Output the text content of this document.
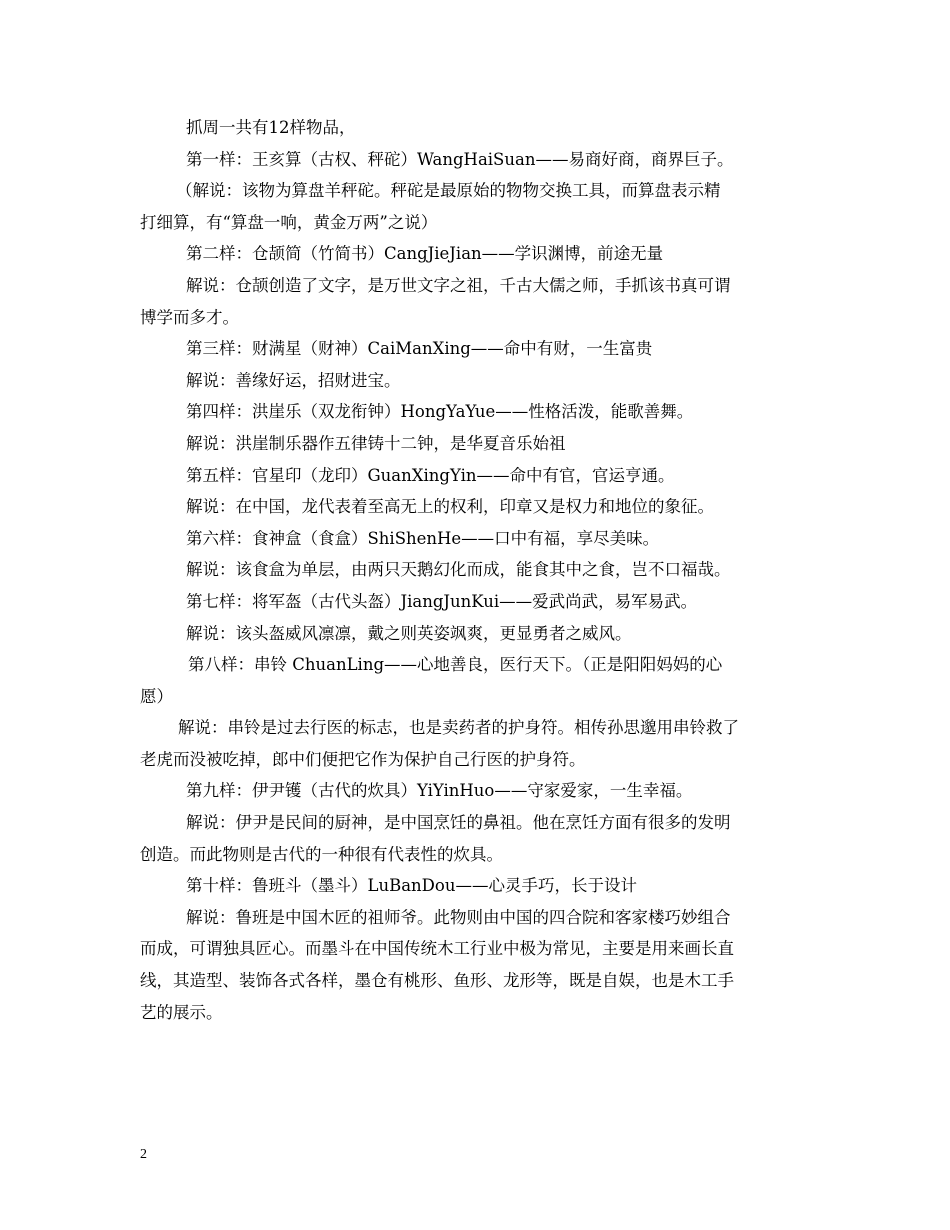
抓周一共有12样物品，

第一样：王亥算（古权、秤砣）WangHaiSuan——易商好商，商界巨子。

（解说：该物为算盘羊秤砣。秤砣是最原始的物物交换工具，而算盘表示精

打细算，有“算盘一响，黄金万两”之说）

第二样：仓颉简（竹简书）CangJieJian——学识渊博，前途无量

解说：仓颉创造了文字，是万世文字之祖，千古大儒之师，手抓该书真可谓

博学而多才。

第三样：财满星（财神）CaiManXing——命中有财，一生富贵

解说：善缘好运，招财进宝。

第四样：洪崖乐（双龙衔钟）HongYaYue——性格活泼，能歌善舞。

解说：洪崖制乐器作五律铸十二钟，是华夏音乐始祖

第五样：官星印（龙印）GuanXingYin——命中有官，官运亨通。

解说：在中国，龙代表着至高无上的权利，印章又是权力和地位的象征。

第六样：食神盒（食盒）ShiShenHe——口中有福，享尽美味。

解说：该食盒为单层，由两只天鹅幻化而成，能食其中之食，岂不口福哉。

第七样：将军盔（古代头盔）JiangJunKui——爱武尚武，易军易武。

解说：该头盔威风凛凛，戴之则英姿飒爽，更显勇者之威风。

第八样：串铃 ChuanLing——心地善良，医行天下。（正是阳阳妈妈的心

愿）

解说：串铃是过去行医的标志，也是卖药者的护身符。相传孙思邈用串铃救了

老虎而没被吃掉，郎中们便把它作为保护自己行医的护身符。

第九样：伊尹镬（古代的炊具）YiYinHuo——守家爱家，一生幸福。

解说：伊尹是民间的厨神，是中国烹饪的鼻祖。他在烹饪方面有很多的发明

创造。而此物则是古代的一种很有代表性的炊具。

第十样：鲁班斗（墨斗）LuBanDou——心灵手巧，长于设计

解说：鲁班是中国木匠的祖师爷。此物则由中国的四合院和客家楼巧妙组合

而成，可谓独具匠心。而墨斗在中国传统木工行业中极为常见，主要是用来画长直

线，其造型、装饰各式各样，墨仓有桃形、鱼形、龙形等，既是自娱，也是木工手

艺的展示。

2
